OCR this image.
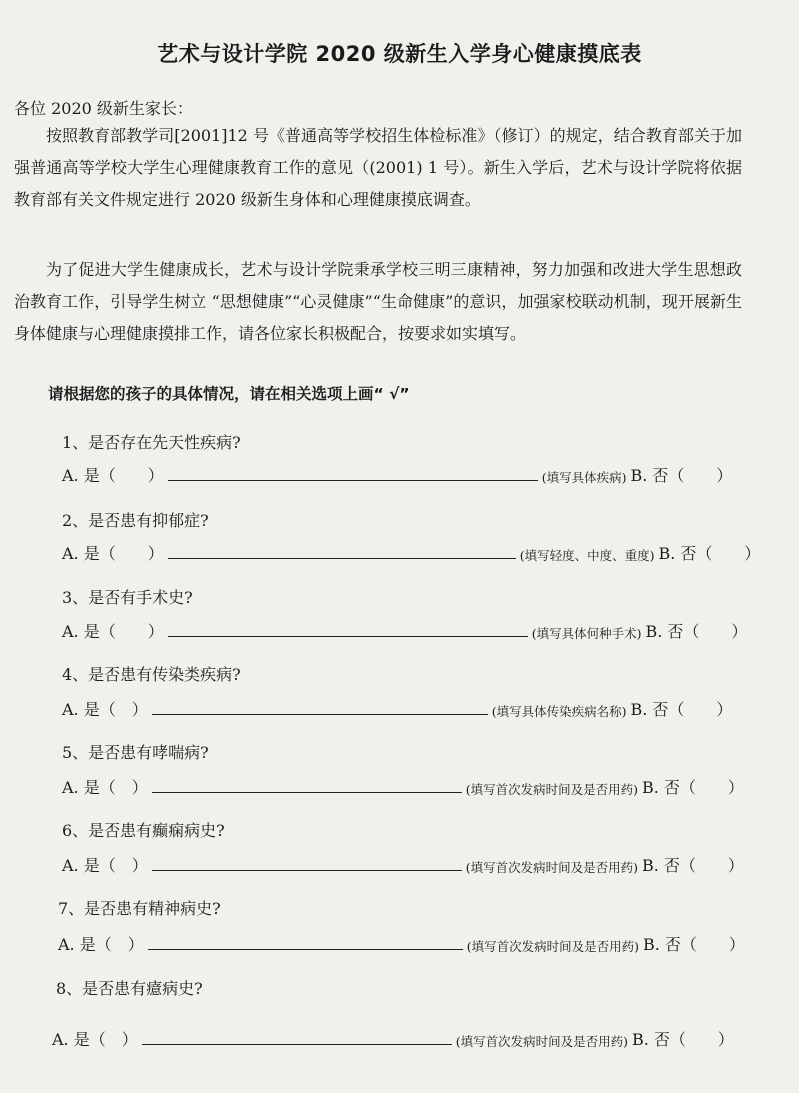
艺术与设计学院 2020 级新生入学身心健康摸底表
各位 2020 级新生家长：

按照教育部教学司[2001]12 号《普通高等学校招生体检标准》（修订）的规定，结合教育部关于加强普通高等学校大学生心理健康教育工作的意见（(2001) 1 号）。新生入学后，艺术与设计学院将依据教育部有关文件规定进行 2020 级新生身体和心理健康摸底调查。

为了促进大学生健康成长，艺术与设计学院秉承学校三明三康精神，努力加强和改进大学生思想政治教育工作，引导学生树立 “思想健康”“心灵健康”“生命健康”的意识，加强家校联动机制，现开展新生身体健康与心理健康摸排工作，请各位家长积极配合，按要求如实填写。

请根据您的孩子的具体情况，请在相关选项上画“ √”
1、是否存在先天性疾病?
A. 是（　　）	(填写具体疾病) B. 否（　　）
2、是否患有抑郁症?
A. 是（　　）	(填写轻度、中度、重度) B. 否（　　）
3、是否有手术史?
A. 是（　　）	(填写具体何种手术) B. 否（　　）
4、是否患有传染类疾病?
A. 是（　）	(填写具体传染疾病名称) B. 否（　　）
5、是否患有哮喘病?
A. 是（　）	(填写首次发病时间及是否用药) B. 否（　　）
6、是否患有癫痫病史?
A. 是（　）	(填写首次发病时间及是否用药) B. 否（　　）
7、是否患有精神病史?
A. 是（　）	(填写首次发病时间及是否用药) B. 否（　　）
8、是否患有癔病史?
A. 是（　）	(填写首次发病时间及是否用药) B. 否（　　）
